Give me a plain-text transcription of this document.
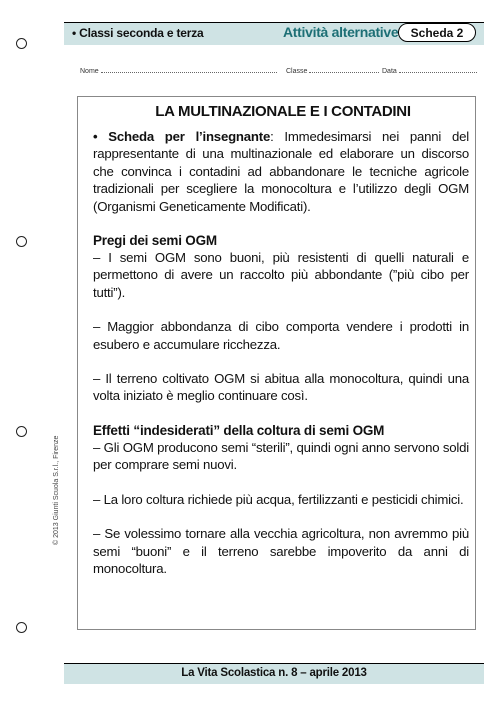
• Classi seconda e terza	Attività alternative	Scheda 2
Nome	Classe	Data
LA MULTINAZIONALE E I CONTADINI

• Scheda per l’insegnante: Immedesimarsi nei panni del rappresentante di una multinazionale ed elaborare un discorso che convinca i contadini ad abbandonare le tecniche agricole tradizionali per scegliere la monocoltura e l’utilizzo degli OGM (Organismi Geneticamente Modificati).

Pregi dei semi OGM

– I semi OGM sono buoni, più resistenti di quelli naturali e permettono di avere un raccolto più abbondante (”più cibo per tutti”).

– Maggior abbondanza di cibo comporta vendere i prodotti in esubero e accumulare ricchezza.

– Il terreno coltivato OGM si abitua alla monocoltura, quindi una volta iniziato è meglio continuare così.

Effetti “indesiderati” della coltura di semi OGM

– Gli OGM producono semi “sterili”, quindi ogni anno servono soldi per comprare semi nuovi.

– La loro coltura richiede più acqua, fertilizzanti e pesticidi chimici.

– Se volessimo tornare alla vecchia agricoltura, non avremmo più semi “buoni” e il terreno sarebbe impoverito da anni di monocoltura.

© 2013 Giunti Scuola S.r.l., Firenze
La Vita Scolastica n. 8 – aprile 2013
